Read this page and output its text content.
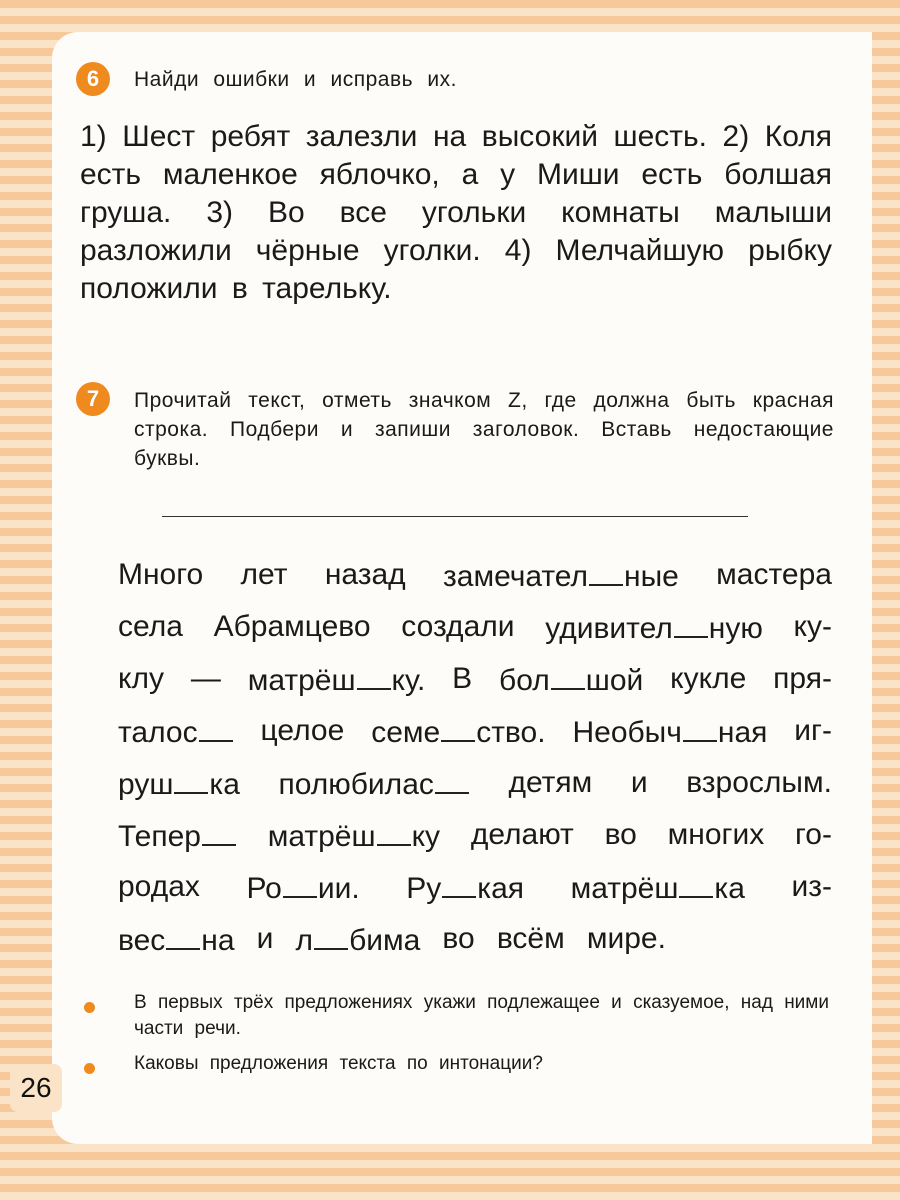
6	Найди ошибки и исправь их.
1) Шест ребят залезли на высокий шесть. 2) Коля есть маленкое яблочко, а у Миши есть болшая груша. 3) Во все угольки комнаты малыши разложили чёрные уголки. 4) Мелчайшую рыбку положили в тарельку.
7	Прочитай текст, отметь значком Z, где должна быть красная строка. Подбери и запиши заголовок. Вставь недостающие буквы.
Много лет назад замечател ные мастера
села Абрамцево создали удивител ную ку-
клу — матрёш ку. В бол шой кукле пря-
талос	целое семе ство. Необыч ная иг-
руш ка полюбилас	детям и взрослым.
Тепер	матрёш ку делают во многих го-
родах Ро ии. Ру кая матрёш ка из-
вес на и л бима во всём мире.
В первых трёх предложениях укажи подлежащее и сказуемое, над ними части речи.
Каковы предложения текста по интонации?
26
